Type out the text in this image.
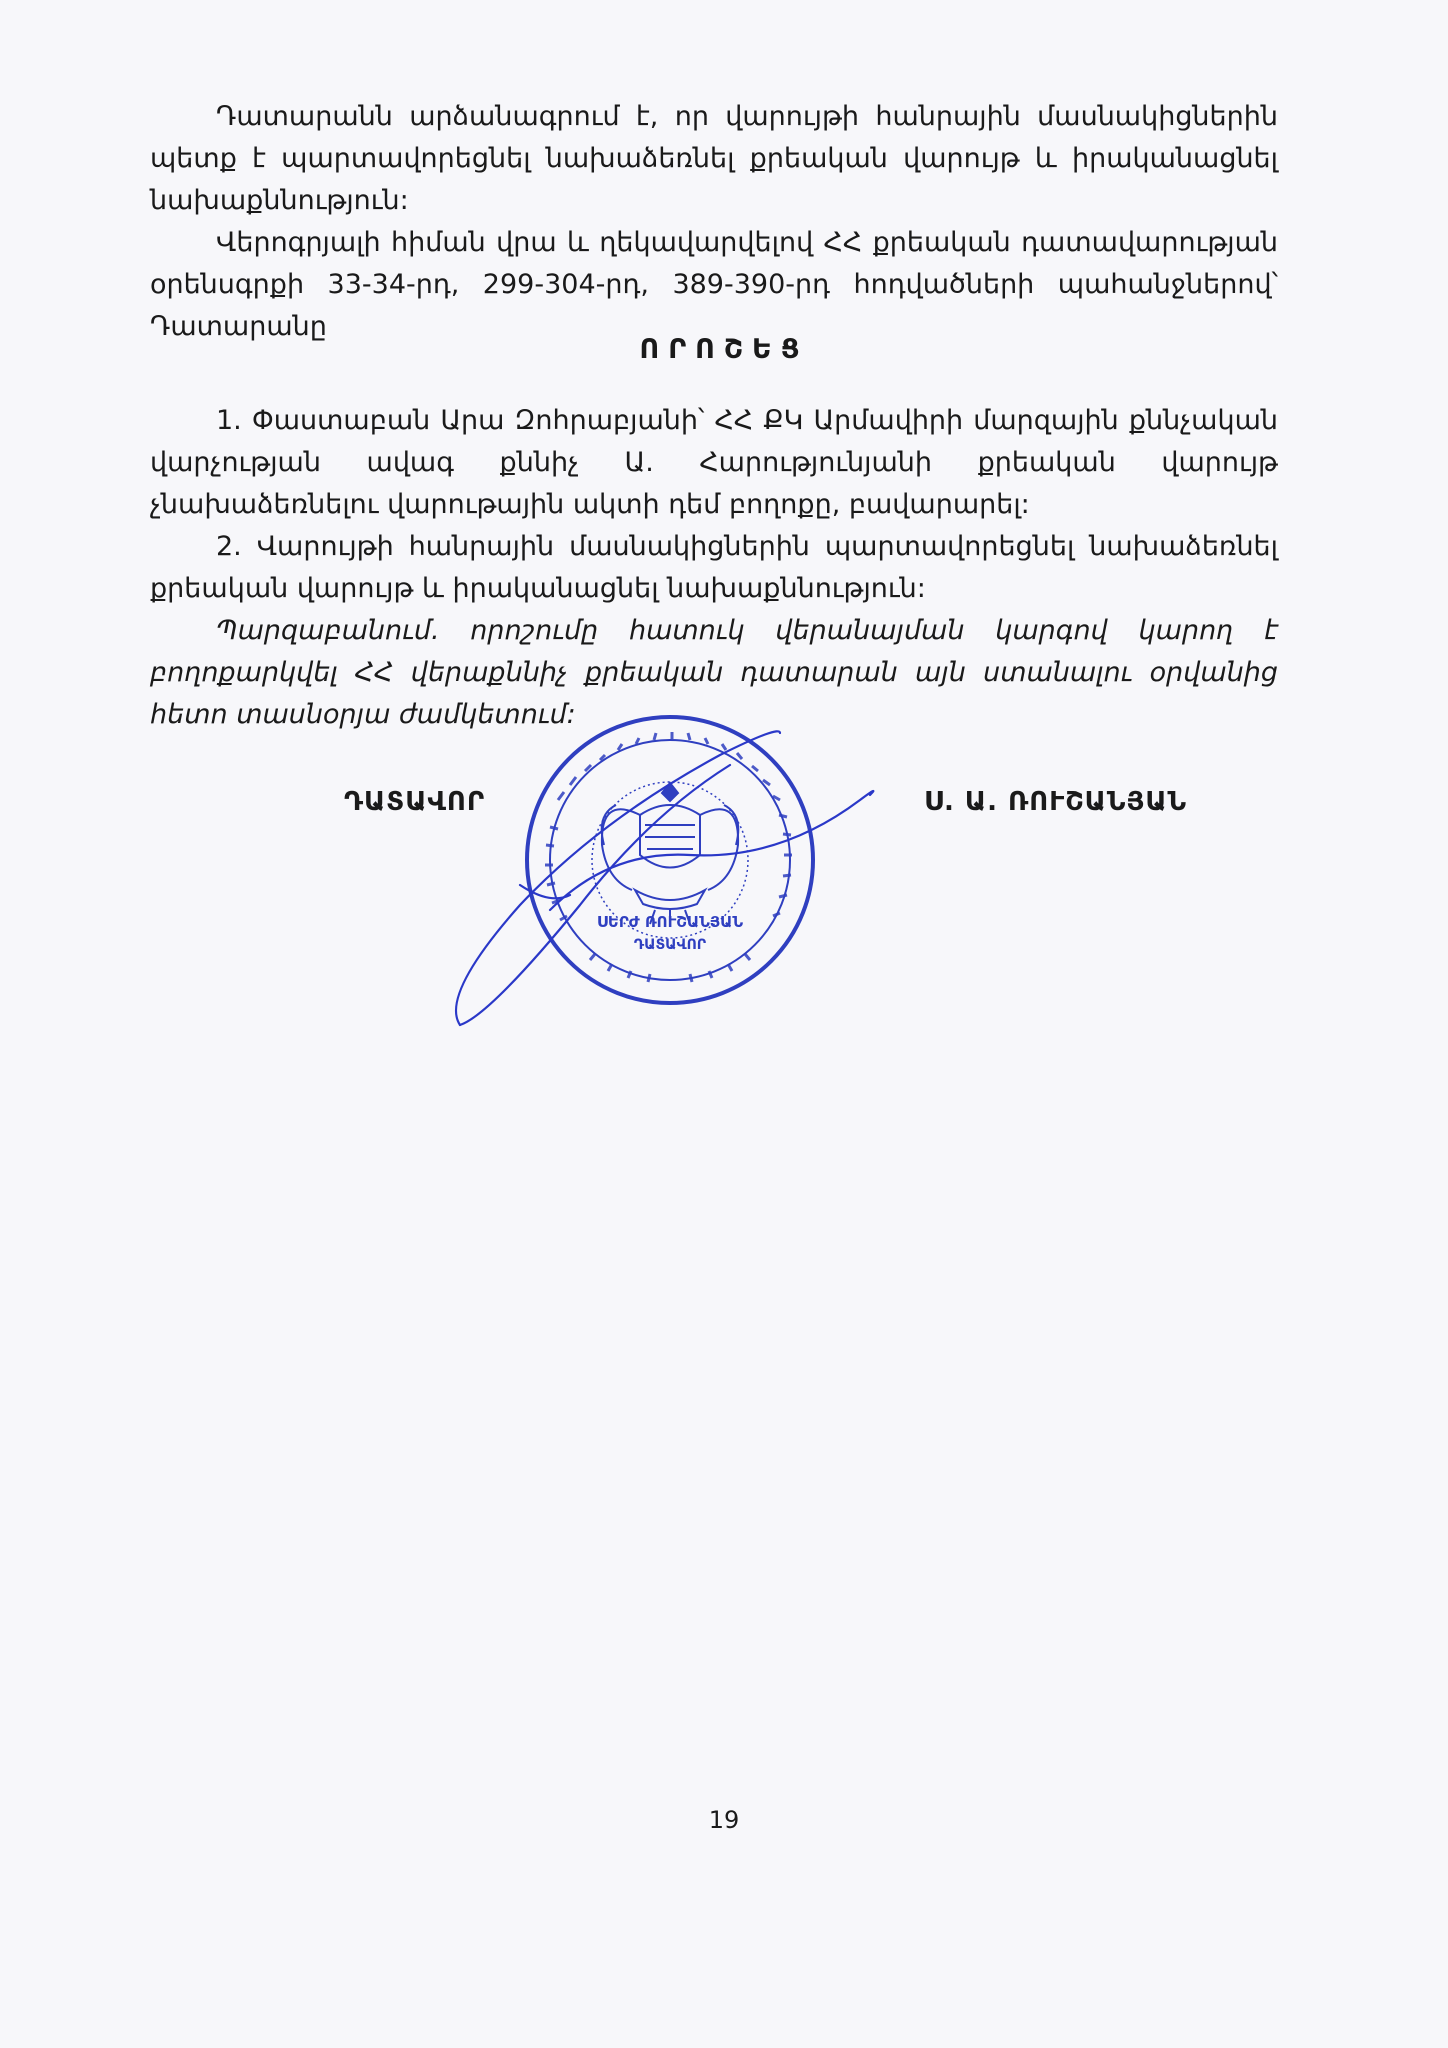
Դատարանն արձանագրում է, որ վարույթի հանրային մասնակիցներին պետք է պարտավորեցնել նախաձեռնել քրեական վարույթ և իրականացնել նախաքննություն:

Վերոգրյալի հիման վրա և ղեկավարվելով ՀՀ քրեական դատավարության օրենսգրքի 33-34-րդ, 299-304-րդ, 389-390-րդ հոդվածների պահանջներով՝ Դատարանը

ՈՐՈՇԵՑ

1. Փաստաբան Արա Զոհրաբյանի՝ ՀՀ ՔԿ Արմավիրի մարզային քննչական վարչության ավագ քննիչ Ա. Հարությունյանի քրեական վարույթ չնախաձեռնելու վարութային ակտի դեմ բողոքը, բավարարել:

2. Վարույթի հանրային մասնակիցներին պարտավորեցնել նախաձեռնել քրեական վարույթ և իրականացնել նախաքննություն:

Պարզաբանում. որոշումը հատուկ վերանայման կարգով կարող է բողոքարկվել ՀՀ վերաքննիչ քրեական դատարան այն ստանալու օրվանից հետո տասնօրյա ժամկետում:

ԴԱՏԱՎՈՐ	Ս. Ա. ՌՈՒՇԱՆՅԱՆ
ՍԵՐԺ ՌՈՒՇԱՆՅԱՆ
ԴԱՏԱՎՈՐ
19
